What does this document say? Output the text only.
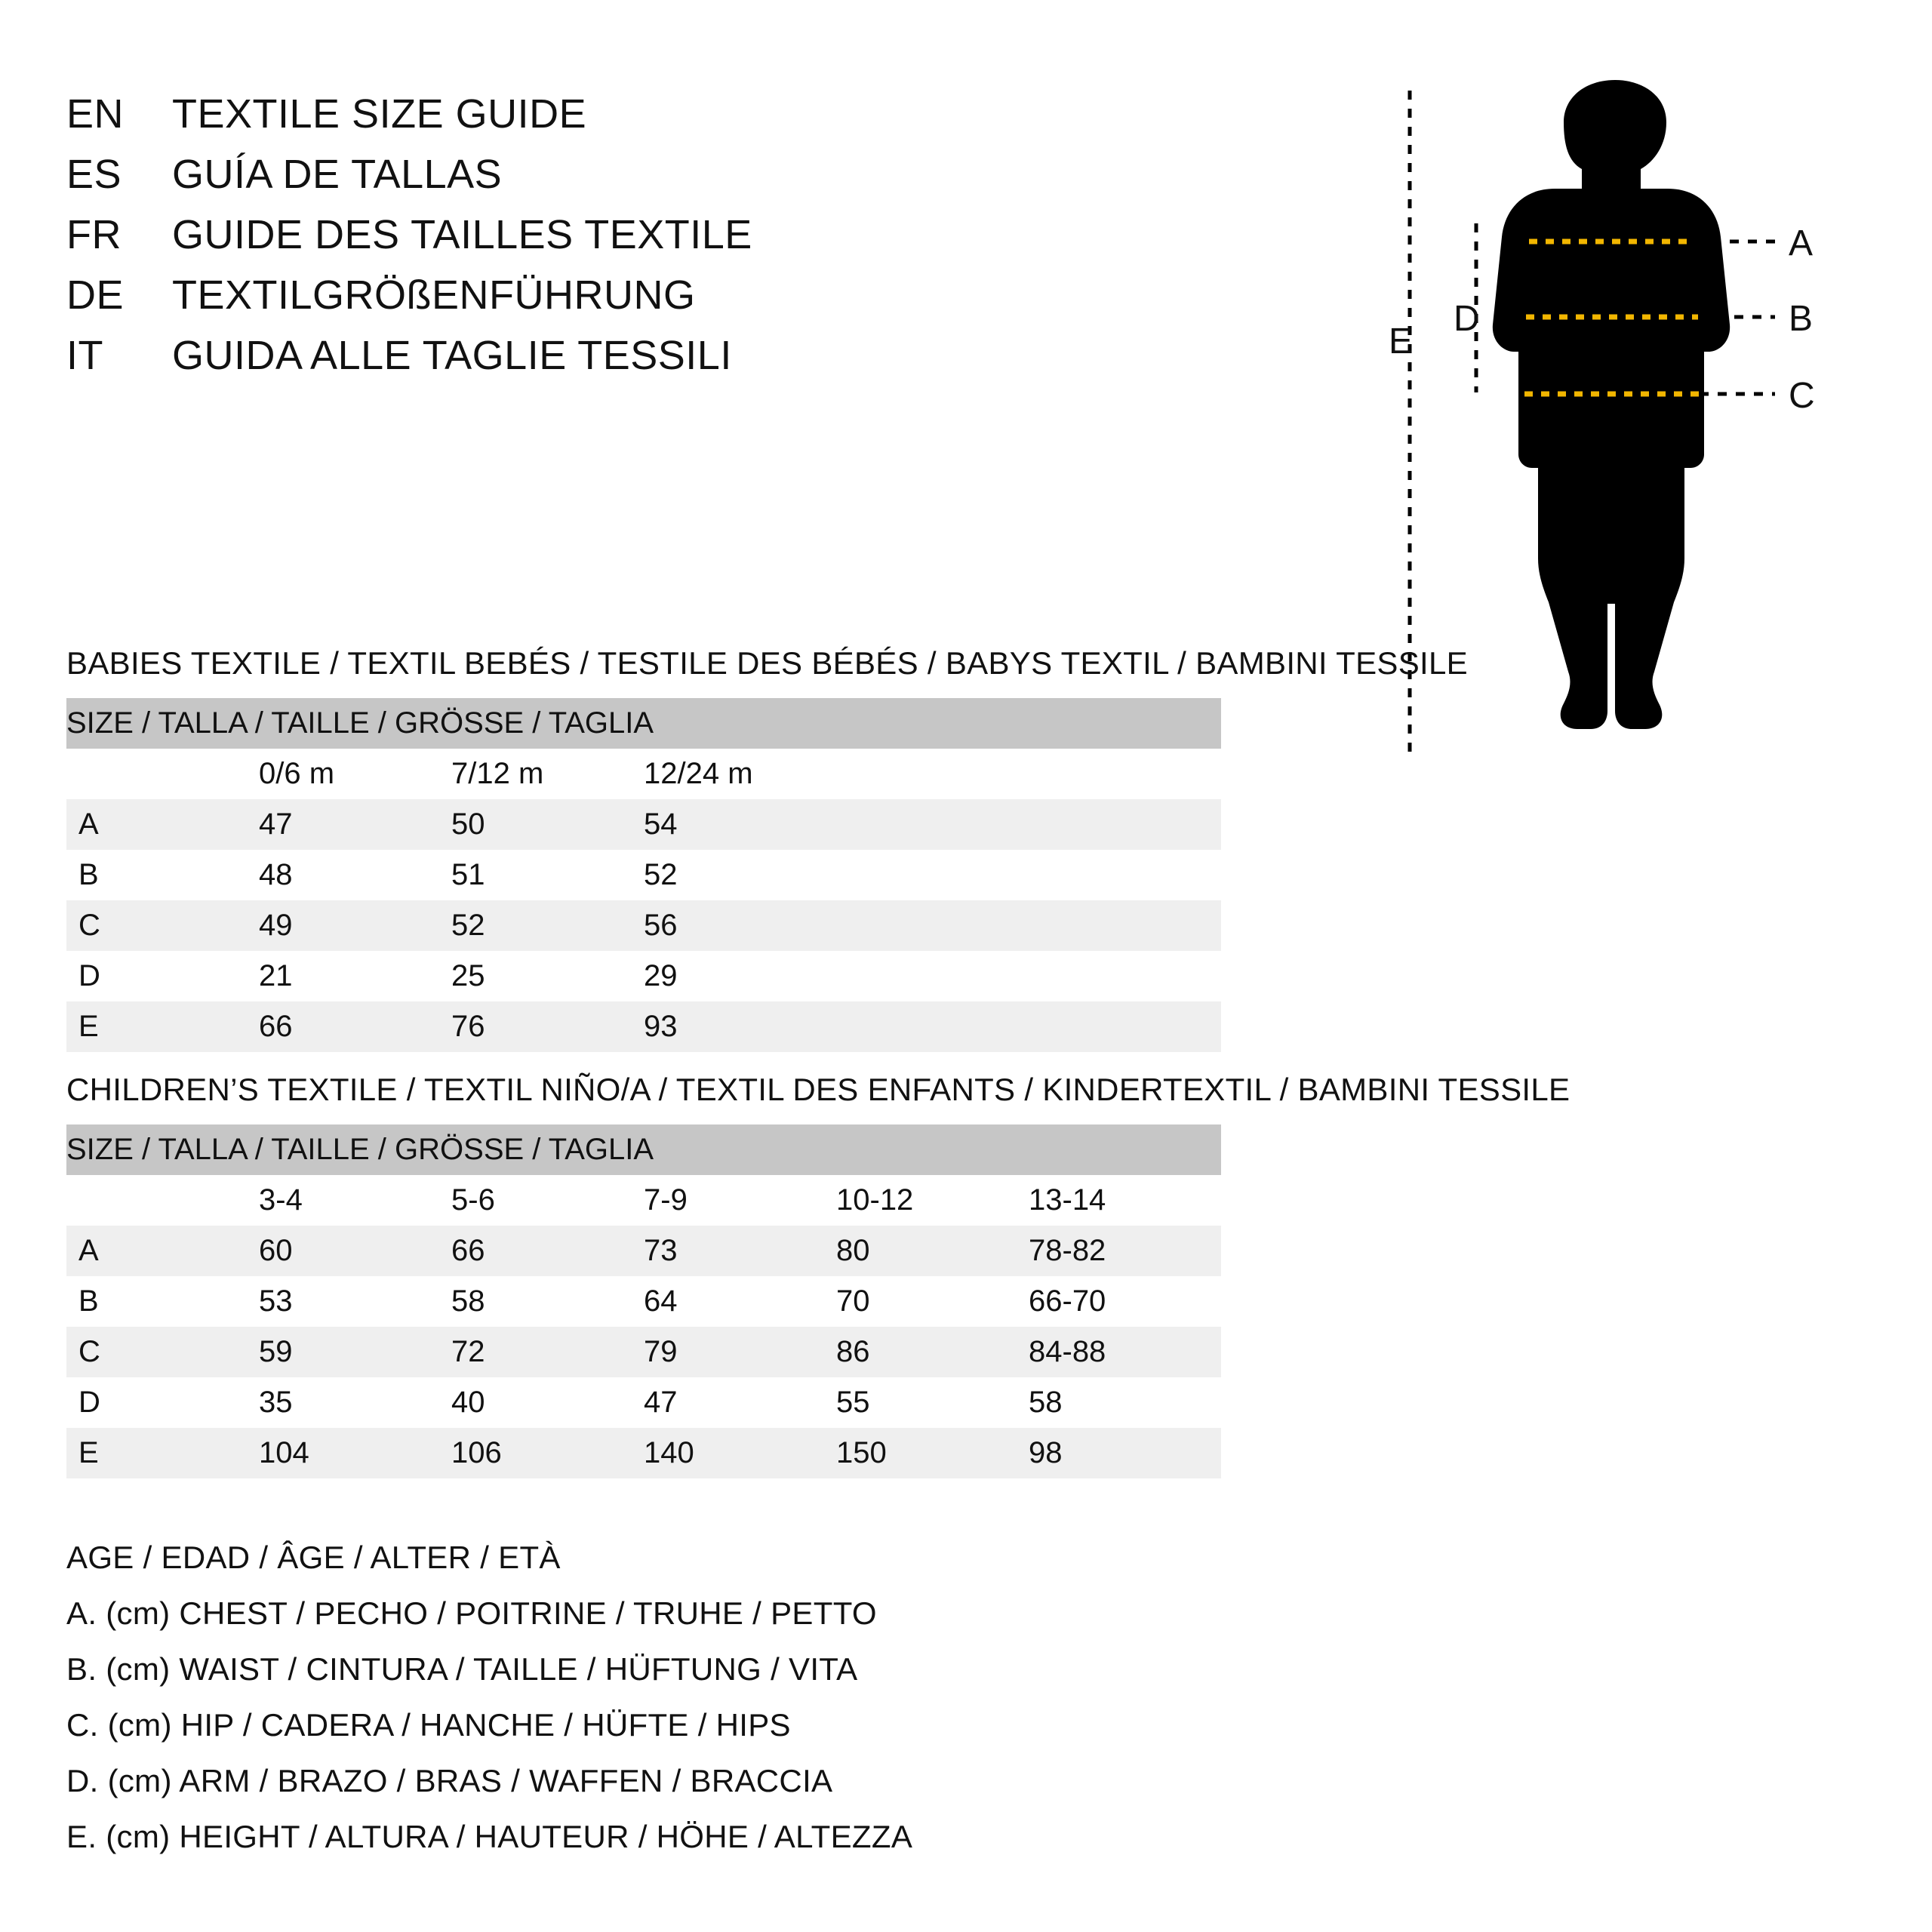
EN	TEXTILE SIZE GUIDE
ES	GUÍA DE TALLAS
FR	GUIDE DES TAILLES TEXTILE
DE	TEXTILGRÖßENFÜHRUNG
IT	GUIDA ALLE TAGLIE TESSILI
A
B
C
D
E
BABIES TEXTILE / TEXTIL BEBÉS / TESTILE DES BÉBÉS / BABYS TEXTIL / BAMBINI TESSILE
SIZE / TALLA / TAILLE / GRÖSSE / TAGLIA					
	0/6 m	7/12 m	12/24 m		
A	47	50	54		
B	48	51	52		
C	49	52	56		
D	21	25	29		
E	66	76	93		
CHILDREN’S TEXTILE / TEXTIL NIÑO/A / TEXTIL DES ENFANTS / KINDERTEXTIL / BAMBINI TESSILE
SIZE / TALLA / TAILLE / GRÖSSE / TAGLIA					
	3-4	5-6	7-9	10-12	13-14
A	60	66	73	80	78-82
B	53	58	64	70	66-70
C	59	72	79	86	84-88
D	35	40	47	55	58
E	104	106	140	150	98
AGE / EDAD / ÂGE / ALTER / ETÀ
A. (cm) CHEST / PECHO / POITRINE / TRUHE / PETTO
B. (cm) WAIST / CINTURA / TAILLE / HÜFTUNG / VITA
C. (cm) HIP / CADERA / HANCHE / HÜFTE / HIPS
D. (cm) ARM / BRAZO / BRAS / WAFFEN / BRACCIA
E. (cm) HEIGHT / ALTURA / HAUTEUR / HÖHE / ALTEZZA
